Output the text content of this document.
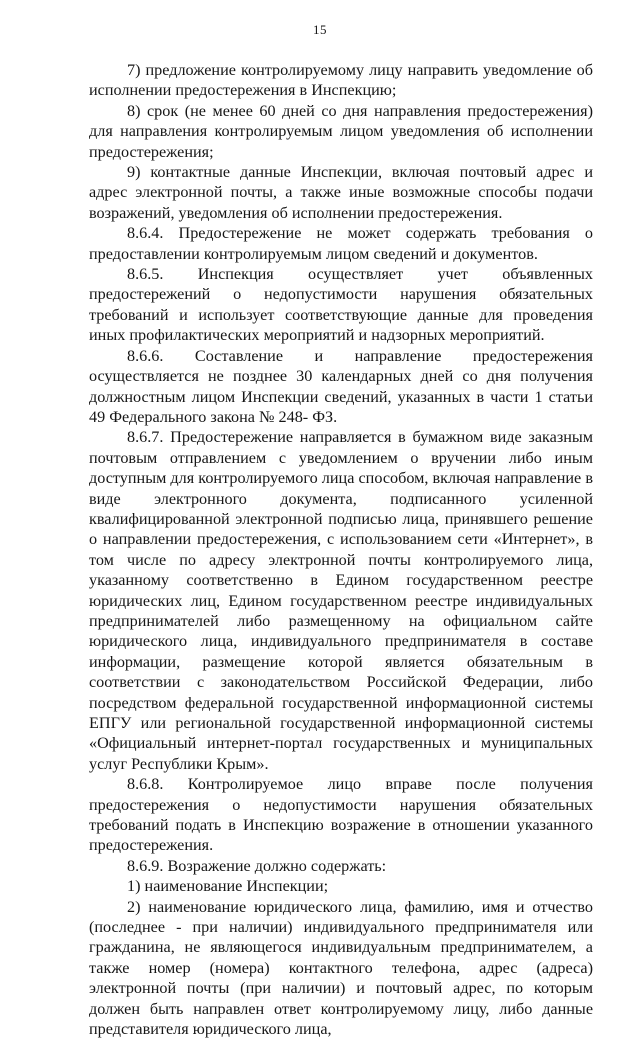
15

7) предложение контролируемому лицу направить уведомление об исполнении предостережения в Инспекцию;

8) срок (не менее 60 дней со дня направления предостережения) для направления контролируемым лицом уведомления об исполнении предостережения;

9) контактные данные Инспекции, включая почтовый адрес и адрес электронной почты, а также иные возможные способы подачи возражений, уведомления об исполнении предостережения.

8.6.4. Предостережение не может содержать требования о предоставлении контролируемым лицом сведений и документов.

8.6.5. Инспекция осуществляет учет объявленных предостережений о недопустимости нарушения обязательных требований и использует соответствующие данные для проведения иных профилактических мероприятий и надзорных мероприятий.

8.6.6. Составление и направление предостережения осуществляется не позднее 30 календарных дней со дня получения должностным лицом Инспекции сведений, указанных в части 1 статьи 49 Федерального закона № 248- ФЗ.

8.6.7. Предостережение направляется в бумажном виде заказным почтовым отправлением с уведомлением о вручении либо иным доступным для контролируемого лица способом, включая направление в виде электронного документа, подписанного усиленной квалифицированной электронной подписью лица, принявшего решение о направлении предостережения, с использованием сети «Интернет», в том числе по адресу электронной почты контролируемого лица, указанному соответственно в Едином государственном реестре юридических лиц, Едином государственном реестре индивидуальных предпринимателей либо размещенному на официальном сайте юридического лица, индивидуального предпринимателя в составе информации, размещение которой является обязательным в соответствии с законодательством Российской Федерации, либо посредством федеральной государственной информационной системы ЕПГУ или региональной государственной информационной системы «Официальный интернет-портал государственных и муниципальных услуг Республики Крым».

8.6.8. Контролируемое лицо вправе после получения предостережения о недопустимости нарушения обязательных требований подать в Инспекцию возражение в отношении указанного предостережения.

8.6.9. Возражение должно содержать:

1) наименование Инспекции;

2) наименование юридического лица, фамилию, имя и отчество (последнее - при наличии) индивидуального предпринимателя или гражданина, не являющегося индивидуальным предпринимателем, а также номер (номера) контактного телефона, адрес (адреса) электронной почты (при наличии) и почтовый адрес, по которым должен быть направлен ответ контролируемому лицу, либо данные представителя юридического лица,
